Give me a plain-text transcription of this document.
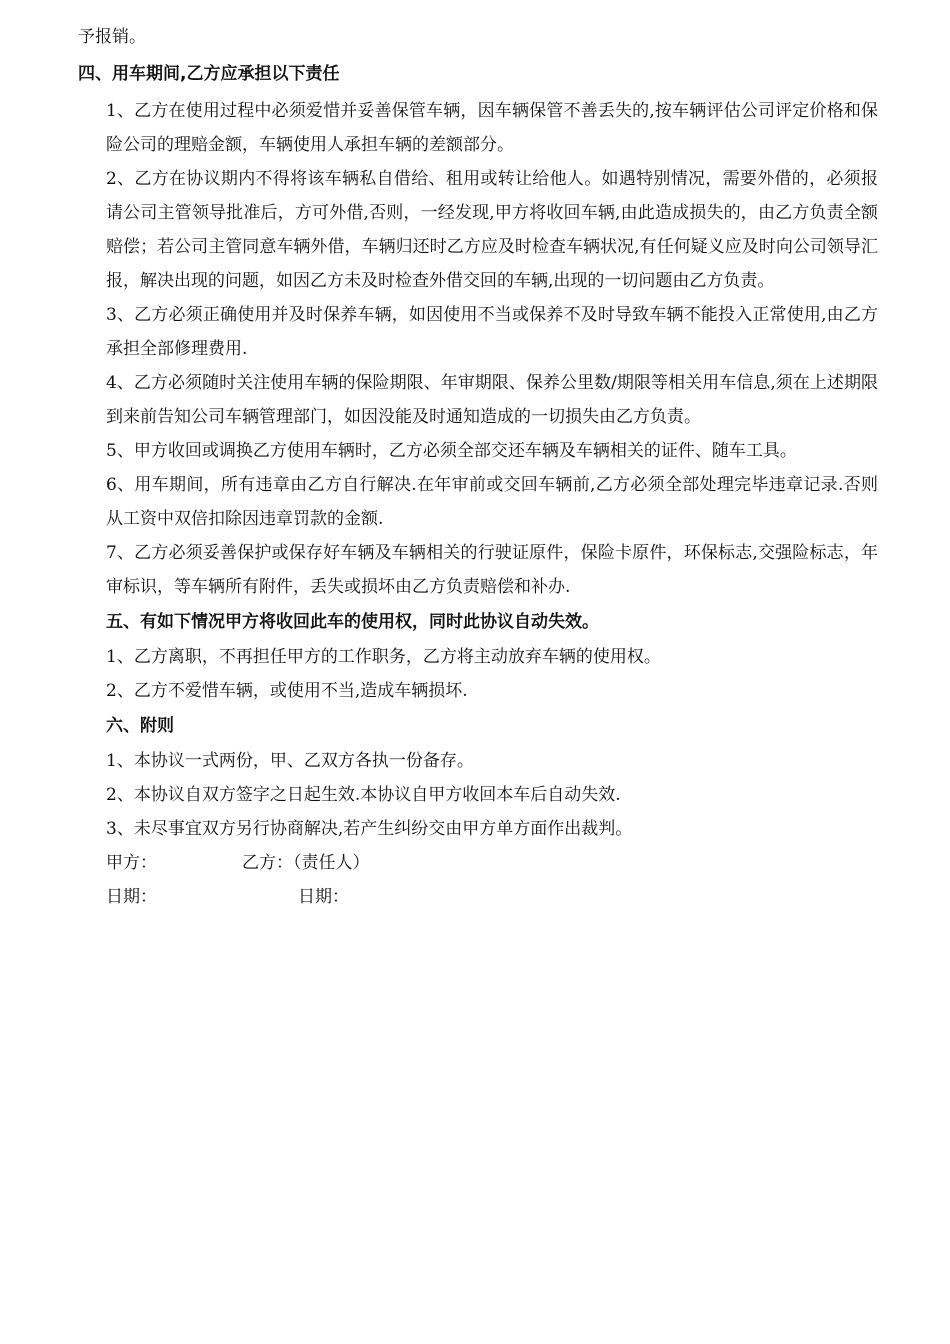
予报销。

四、用车期间,乙方应承担以下责任

1、乙方在使用过程中必须爱惜并妥善保管车辆，因车辆保管不善丢失的,按车辆评估公司评定价格和保险公司的理赔金额，车辆使用人承担车辆的差额部分。

2、乙方在协议期内不得将该车辆私自借给、租用或转让给他人。如遇特别情况，需要外借的，必须报请公司主管领导批准后，方可外借,否则，一经发现,甲方将收回车辆,由此造成损失的，由乙方负责全额赔偿；若公司主管同意车辆外借，车辆归还时乙方应及时检查车辆状况,有任何疑义应及时向公司领导汇报，解决出现的问题，如因乙方未及时检查外借交回的车辆,出现的一切问题由乙方负责。

3、乙方必须正确使用并及时保养车辆，如因使用不当或保养不及时导致车辆不能投入正常使用,由乙方承担全部修理费用.

4、乙方必须随时关注使用车辆的保险期限、年审期限、保养公里数/期限等相关用车信息,须在上述期限到来前告知公司车辆管理部门，如因没能及时通知造成的一切损失由乙方负责。

5、甲方收回或调换乙方使用车辆时，乙方必须全部交还车辆及车辆相关的证件、随车工具。

6、用车期间，所有违章由乙方自行解决.在年审前或交回车辆前,乙方必须全部处理完毕违章记录.否则从工资中双倍扣除因违章罚款的金额.

7、乙方必须妥善保护或保存好车辆及车辆相关的行驶证原件，保险卡原件，环保标志,交强险标志，年审标识，等车辆所有附件，丢失或损坏由乙方负责赔偿和补办.

五、有如下情况甲方将收回此车的使用权，同时此协议自动失效。

1、乙方离职，不再担任甲方的工作职务，乙方将主动放弃车辆的使用权。

2、乙方不爱惜车辆，或使用不当,造成车辆损坏.

六、附则

1、本协议一式两份，甲、乙双方各执一份备存。

2、本协议自双方签字之日起生效.本协议自甲方收回本车后自动失效.

3、未尽事宜双方另行协商解决,若产生纠纷交由甲方单方面作出裁判。

甲方：	乙方：（责任人）

日期：	日期：
